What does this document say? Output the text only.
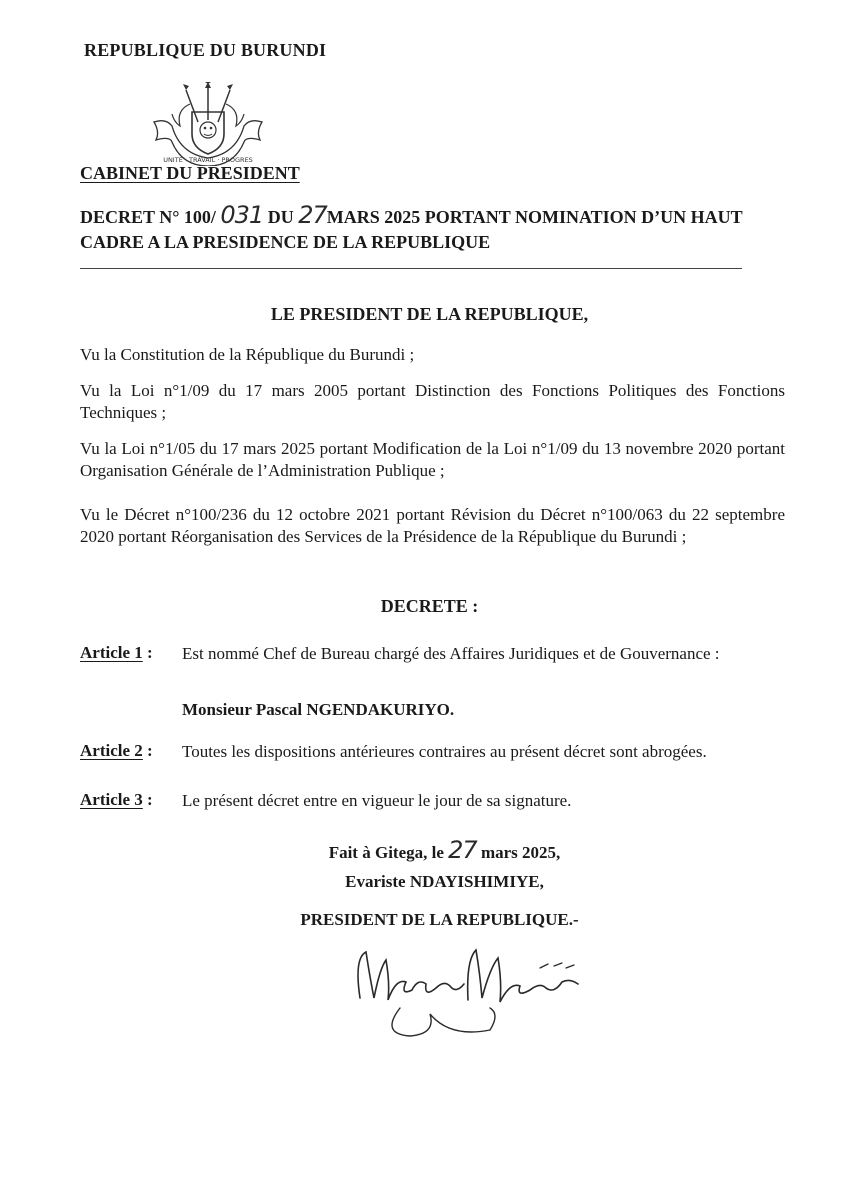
REPUBLIQUE DU BURUNDI
UNITE · TRAVAIL · PROGRES
CABINET DU PRESIDENT
DECRET N° 100/ 031 DU 27MARS 2025 PORTANT NOMINATION D’UN HAUT CADRE A LA PRESIDENCE DE LA REPUBLIQUE
LE PRESIDENT DE LA REPUBLIQUE,
Vu la Constitution de la République du Burundi ;
Vu la Loi n°1/09 du 17 mars 2005 portant Distinction des Fonctions Politiques des Fonctions Techniques ;
Vu la Loi n°1/05 du 17 mars 2025 portant Modification de la Loi n°1/09 du 13 novembre 2020 portant Organisation Générale de l’Administration Publique ;
Vu le Décret n°100/236 du 12 octobre 2021 portant Révision du Décret n°100/063 du 22 septembre 2020 portant Réorganisation des Services de la Présidence de la République du Burundi ;
DECRETE :
Article 1 : Est nommé Chef de Bureau chargé des Affaires Juridiques et de Gouvernance :
Monsieur Pascal NGENDAKURIYO.
Article 2 : Toutes les dispositions antérieures contraires au présent décret sont abrogées.
Article 3 : Le présent décret entre en vigueur le jour de sa signature.
Fait à Gitega, le 27 mars 2025,
Evariste NDAYISHIMIYE,
PRESIDENT DE LA REPUBLIQUE.-
